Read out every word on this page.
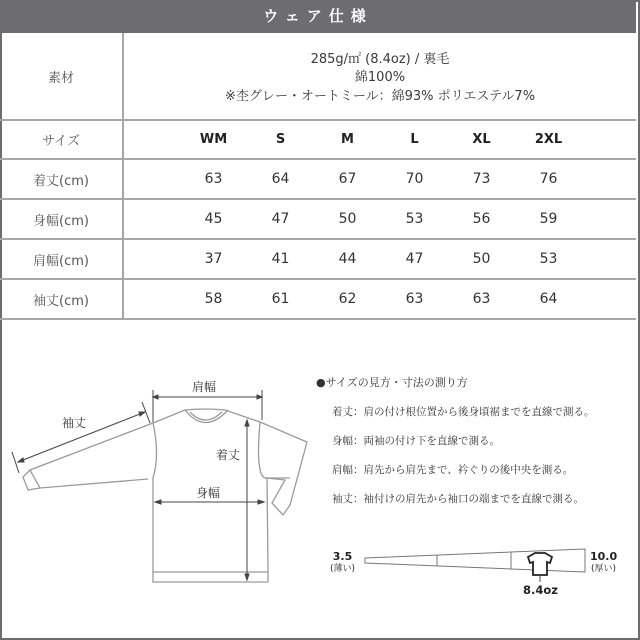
ウェア仕様
素材	285g/㎡ (8.4oz) / 裏毛
綿100%
※杢グレー・オートミール：綿93% ポリエステル7%

サイズ	WM	S	M	L	XL	2XL

着丈(cm)	63	64	67	70	73	76

身幅(cm)	45	47	50	53	56	59

肩幅(cm)	37	41	44	47	50	53

袖丈(cm)	58	61	62	63	63	64
肩幅
袖丈
着丈
身幅
●サイズの見方・寸法の測り方
着丈：肩の付け根位置から後身頃裾までを直線で測る。
身幅：両袖の付け下を直線で測る。
肩幅：肩先から肩先まで、衿ぐりの後中央を測る。
袖丈：袖付けの肩先から袖口の端までを直線で測る。
3.5
(薄い)
10.0
(厚い)
8.4oz
